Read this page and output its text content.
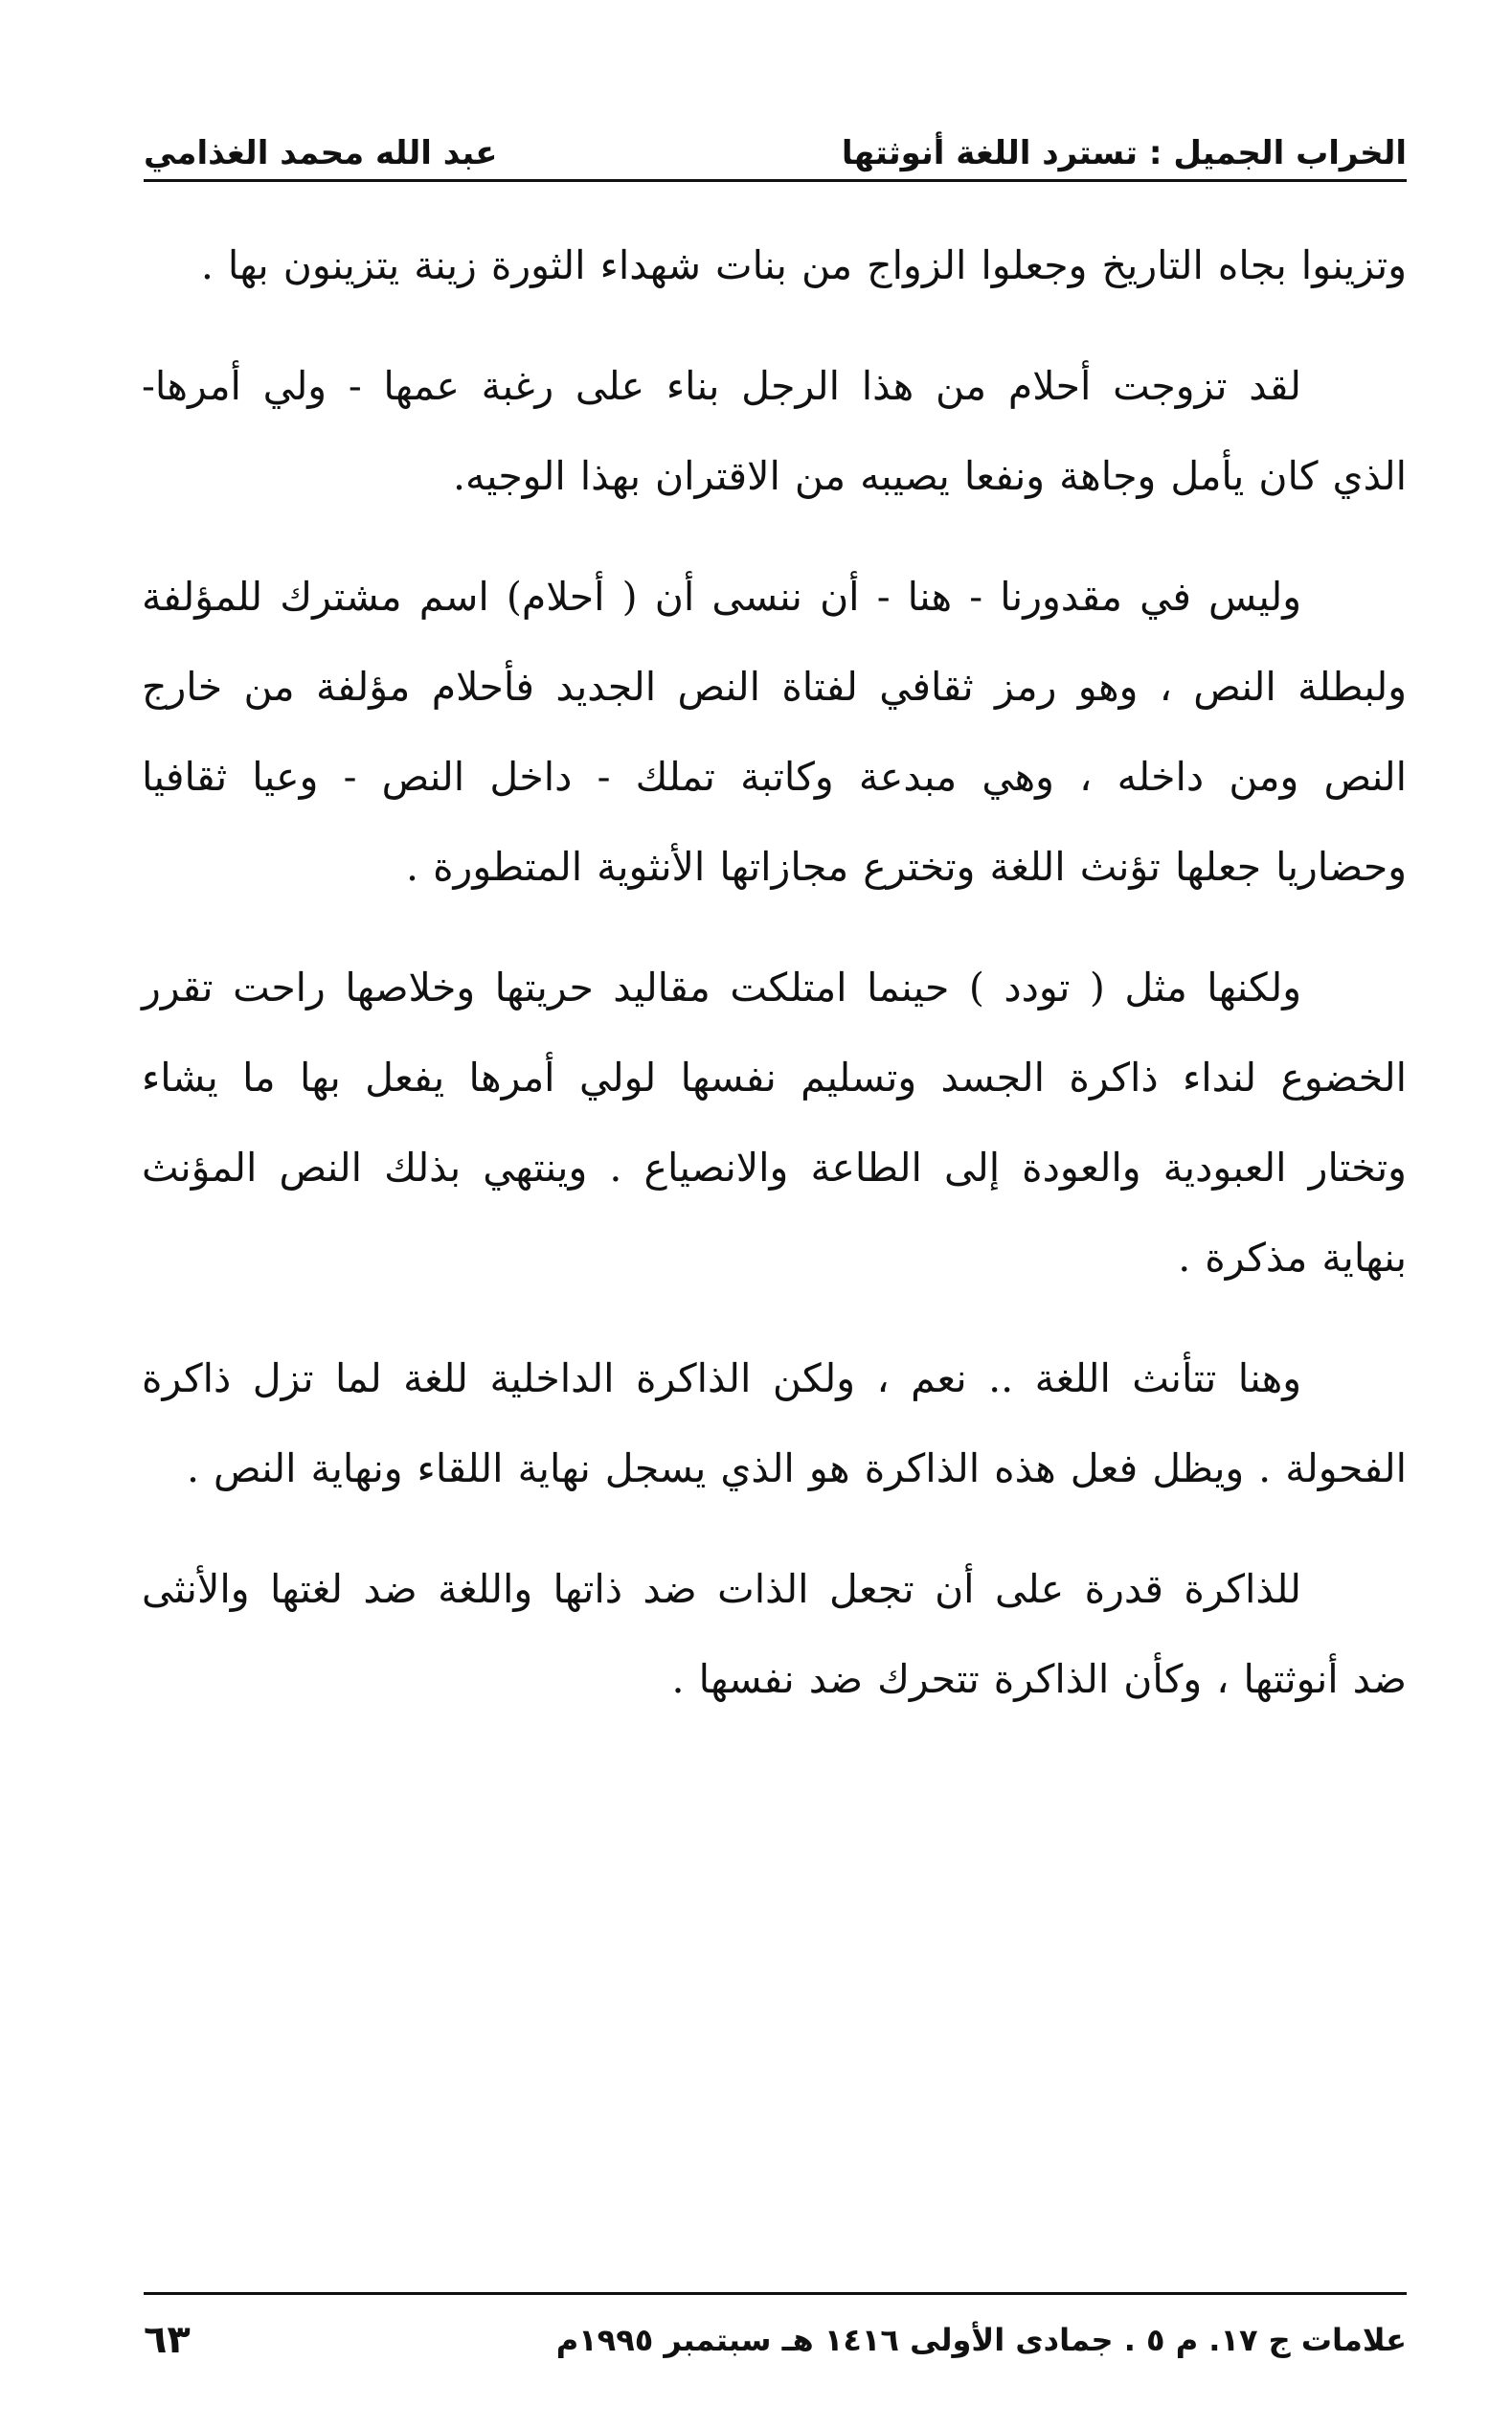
الخراب الجميل : تسترد اللغة أنوثتها
عبد الله محمد الغذامي

وتزينوا بجاه التاريخ وجعلوا الزواج من بنات شهداء الثورة زينة يتزينون بها .

لقد تزوجت أحلام من هذا الرجل بناء على رغبة عمها - ولي أمرها- الذي كان يأمل وجاهة ونفعا يصيبه من الاقتران بهذا الوجيه.

وليس في مقدورنا - هنا - أن ننسى أن ( أحلام) اسم مشترك للمؤلفة ولبطلة النص ، وهو رمز ثقافي لفتاة النص الجديد فأحلام مؤلفة من خارج النص ومن داخله ، وهي مبدعة وكاتبة تملك - داخل النص - وعيا ثقافيا وحضاريا جعلها تؤنث اللغة وتخترع مجازاتها الأنثوية المتطورة .

ولكنها مثل ( تودد ) حينما امتلكت مقاليد حريتها وخلاصها راحت تقرر الخضوع لنداء ذاكرة الجسد وتسليم نفسها لولي أمرها يفعل بها ما يشاء وتختار العبودية والعودة إلى الطاعة والانصياع . وينتهي بذلك النص المؤنث بنهاية مذكرة .

وهنا تتأنث اللغة .. نعم ، ولكن الذاكرة الداخلية للغة لما تزل ذاكرة الفحولة . ويظل فعل هذه الذاكرة هو الذي يسجل نهاية اللقاء ونهاية النص .

للذاكرة قدرة على أن تجعل الذات ضد ذاتها واللغة ضد لغتها والأنثى ضد أنوثتها ، وكأن الذاكرة تتحرك ضد نفسها .

علامات ج ١٧. م ٥ . جمادى الأولى ١٤١٦ هـ سبتمبر ١٩٩٥م
٦٣
